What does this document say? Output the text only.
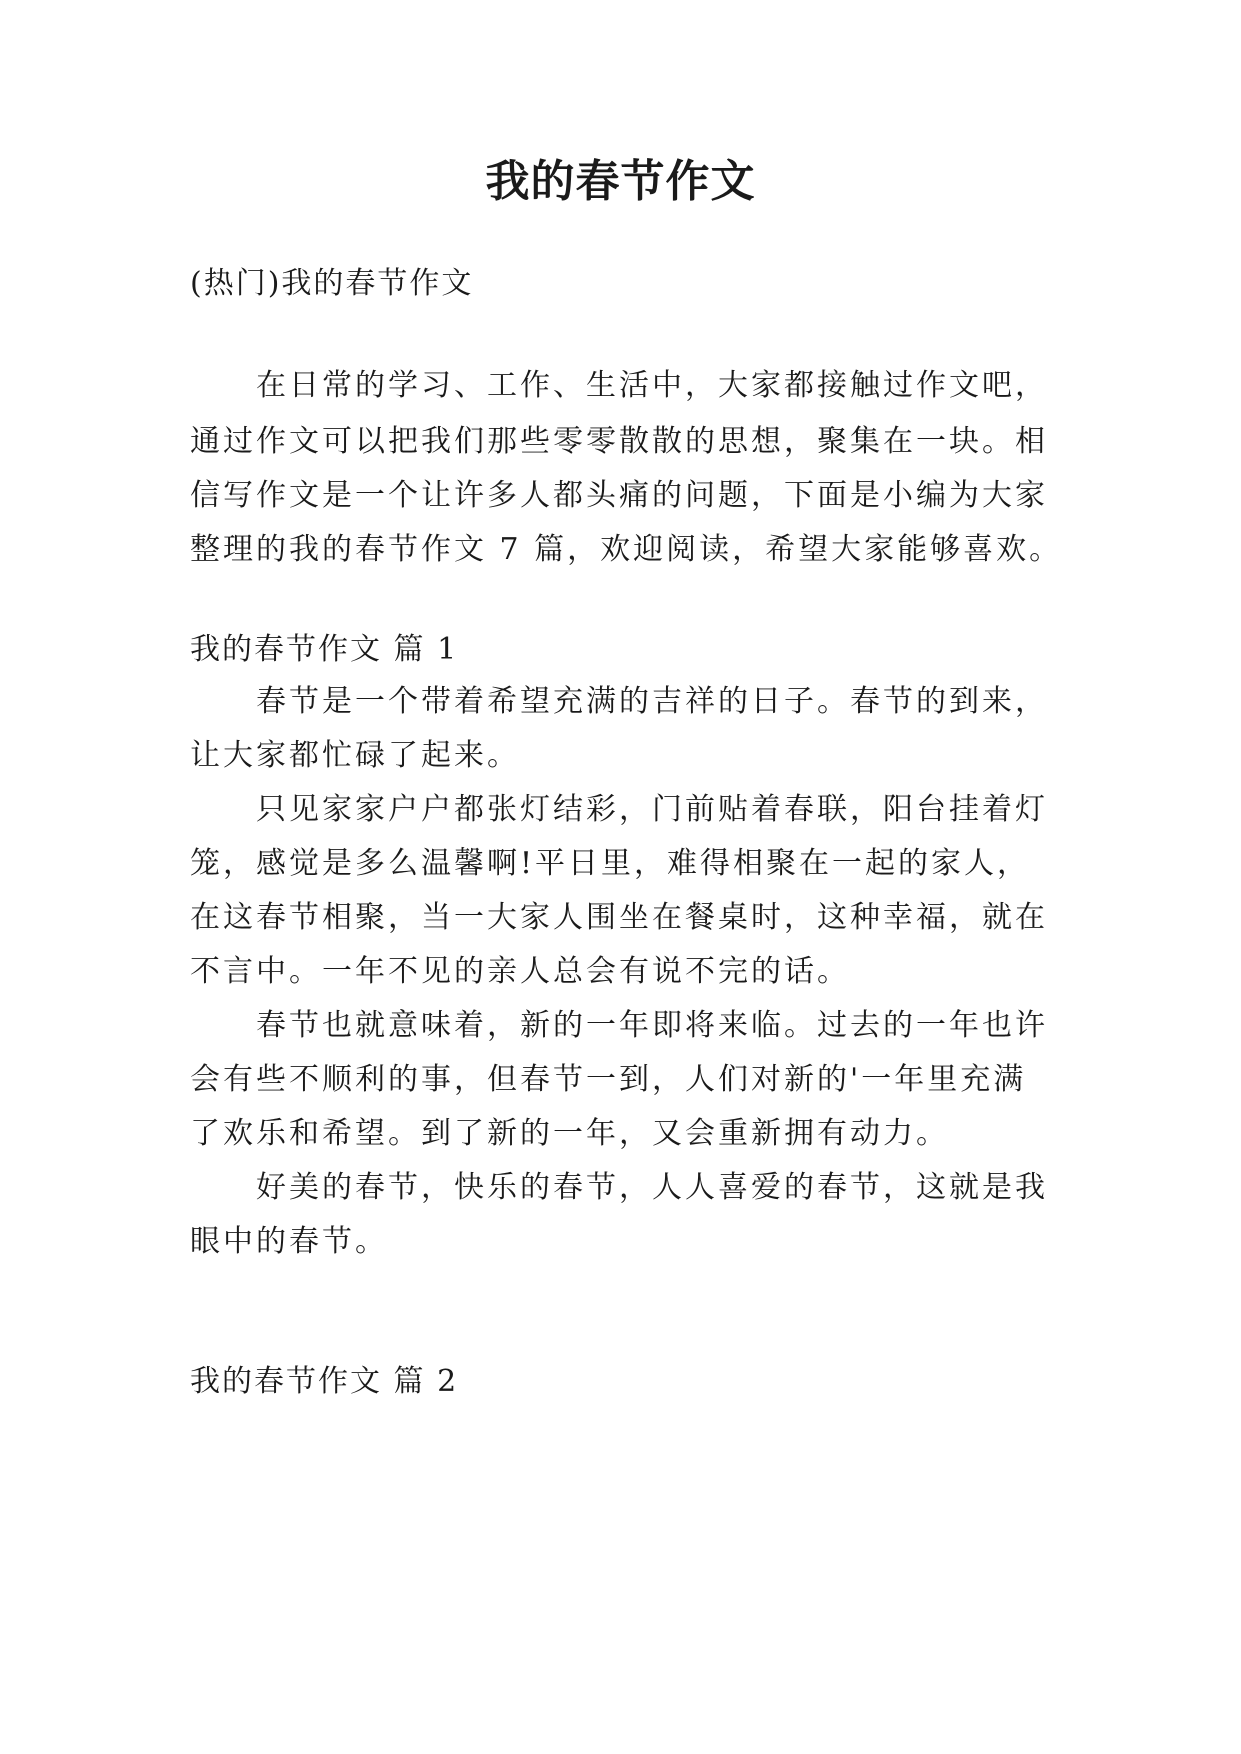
我的春节作文

(热门)我的春节作文

在日常的学习、工作、生活中，大家都接触过作文吧，

通过作文可以把我们那些零零散散的思想，聚集在一块。相

信写作文是一个让许多人都头痛的问题，下面是小编为大家

整理的我的春节作文 7 篇，欢迎阅读，希望大家能够喜欢。

我的春节作文 篇 1

春节是一个带着希望充满的吉祥的日子。春节的到来，

让大家都忙碌了起来。

只见家家户户都张灯结彩，门前贴着春联，阳台挂着灯

笼，感觉是多么温馨啊!平日里，难得相聚在一起的家人，

在这春节相聚，当一大家人围坐在餐桌时，这种幸福，就在

不言中。一年不见的亲人总会有说不完的话。

春节也就意味着，新的一年即将来临。过去的一年也许

会有些不顺利的事，但春节一到，人们对新的'一年里充满

了欢乐和希望。到了新的一年，又会重新拥有动力。

好美的春节，快乐的春节，人人喜爱的春节，这就是我

眼中的春节。

我的春节作文 篇 2
